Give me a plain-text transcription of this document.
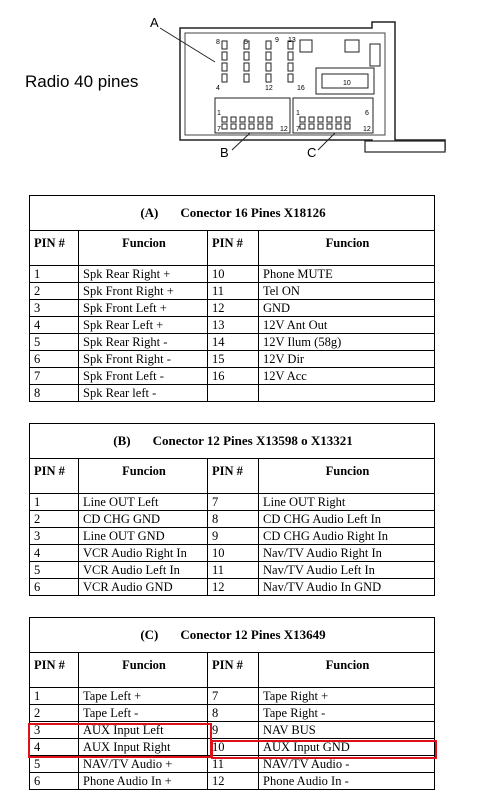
A
B	C
8	5	9 13
4	16
10
12
1	1	6
7	12 7	12
Radio 40 pines
(A) Conector 16 Pines X18126			
PIN #	Funcion	PIN #	Funcion
1	Spk Rear Right +	10	Phone MUTE
2	Spk Front Right +	11	Tel ON
3	Spk Front Left +	12	GND
4	Spk Rear Left +	13	12V Ant Out
5	Spk Rear Right -	14	12V Ilum (58g)
6	Spk Front Right -	15	12V Dir
7	Spk Front Left -	16	12V Acc
8	Spk Rear left -		
(B) Conector 12 Pines X13598 o X13321			
PIN #	Funcion	PIN #	Funcion
1	Line OUT Left	7	Line OUT Right
2	CD CHG GND	8	CD CHG Audio Left In
3	Line OUT GND	9	CD CHG Audio Right In
4	VCR Audio Right In	10	Nav/TV Audio Right In
5	VCR Audio Left In	11	Nav/TV Audio Left In
6	VCR Audio GND	12	Nav/TV Audio In GND
(C) Conector 12 Pines X13649			
PIN #	Funcion	PIN #	Funcion
1	Tape Left +	7	Tape Right +
2	Tape Left -	8	Tape Right -
3	AUX Input Left	9	NAV BUS
4	AUX Input Right	10	AUX Input GND
5	NAV/TV Audio +	11	NAV/TV Audio -
6	Phone Audio In +	12	Phone Audio In -
